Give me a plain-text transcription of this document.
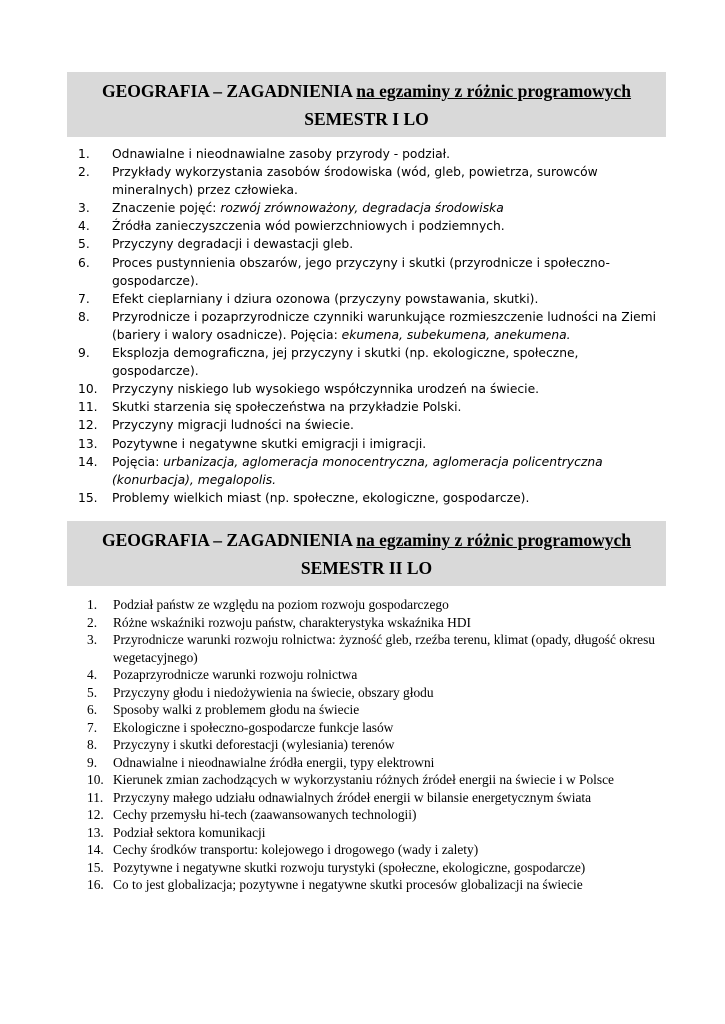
GEOGRAFIA – ZAGADNIENIA na egzaminy z różnic programowych
SEMESTR I LO
1. Odnawialne i nieodnawialne zasoby przyrody - podział.
2. Przykłady wykorzystania zasobów środowiska (wód, gleb, powietrza, surowców mineralnych) przez człowieka.
3. Znaczenie pojęć: rozwój zrównoważony, degradacja środowiska
4. Źródła zanieczyszczenia wód powierzchniowych i podziemnych.
5. Przyczyny degradacji i dewastacji gleb.
6. Proces pustynnienia obszarów, jego przyczyny i skutki (przyrodnicze i społeczno-gospodarcze).
7. Efekt cieplarniany i dziura ozonowa (przyczyny powstawania, skutki).
8. Przyrodnicze i pozaprzyrodnicze czynniki warunkujące rozmieszczenie ludności na Ziemi (bariery i walory osadnicze). Pojęcia: ekumena, subekumena, anekumena.
9. Eksplozja demograficzna, jej przyczyny i skutki (np. ekologiczne, społeczne, gospodarcze).
10. Przyczyny niskiego lub wysokiego współczynnika urodzeń na świecie.
11. Skutki starzenia się społeczeństwa na przykładzie Polski.
12. Przyczyny migracji ludności na świecie.
13. Pozytywne i negatywne skutki emigracji i imigracji.
14. Pojęcia: urbanizacja, aglomeracja monocentryczna, aglomeracja policentryczna (konurbacja), megalopolis.
15. Problemy wielkich miast (np. społeczne, ekologiczne, gospodarcze).
GEOGRAFIA – ZAGADNIENIA na egzaminy z różnic programowych
SEMESTR II LO
1. Podział państw ze względu na poziom rozwoju gospodarczego
2. Różne wskaźniki rozwoju państw, charakterystyka wskaźnika HDI
3. Przyrodnicze warunki rozwoju rolnictwa: żyzność gleb, rzeźba terenu, klimat (opady, długość okresu wegetacyjnego)
4. Pozaprzyrodnicze warunki rozwoju rolnictwa
5. Przyczyny głodu i niedożywienia na świecie, obszary głodu
6. Sposoby walki z problemem głodu na świecie
7. Ekologiczne i społeczno-gospodarcze funkcje lasów
8. Przyczyny i skutki deforestacji (wylesiania) terenów
9. Odnawialne i nieodnawialne źródła energii, typy elektrowni
10. Kierunek zmian zachodzących w wykorzystaniu różnych źródeł energii na świecie i w Polsce
11. Przyczyny małego udziału odnawialnych źródeł energii w bilansie energetycznym świata
12. Cechy przemysłu hi-tech (zaawansowanych technologii)
13. Podział sektora komunikacji
14. Cechy środków transportu: kolejowego i drogowego (wady i zalety)
15. Pozytywne i negatywne skutki rozwoju turystyki (społeczne, ekologiczne, gospodarcze)
16. Co to jest globalizacja; pozytywne i negatywne skutki procesów globalizacji na świecie
